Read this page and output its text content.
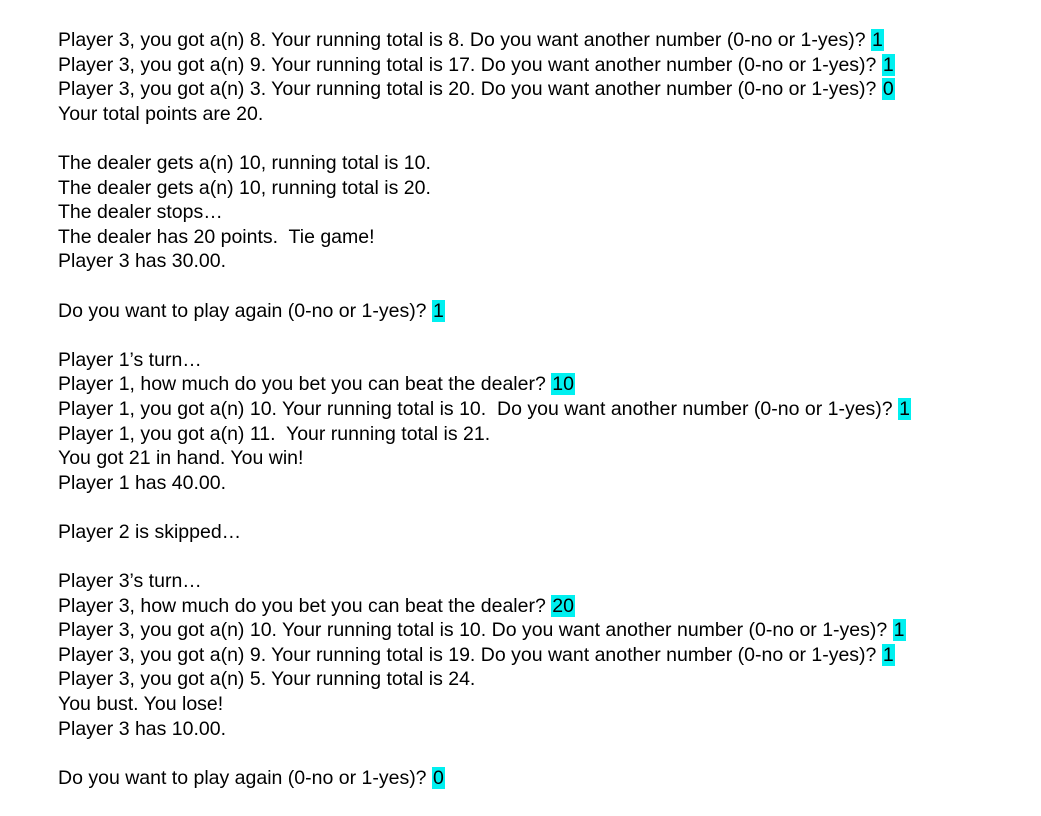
Player 3, you got a(n) 8. Your running total is 8. Do you want another number (0-no or 1-yes)? 1
Player 3, you got a(n) 9. Your running total is 17. Do you want another number (0-no or 1-yes)? 1
Player 3, you got a(n) 3. Your running total is 20. Do you want another number (0-no or 1-yes)? 0
Your total points are 20.
The dealer gets a(n) 10, running total is 10.
The dealer gets a(n) 10, running total is 20.
The dealer stops…
The dealer has 20 points.  Tie game!
Player 3 has 30.00.
Do you want to play again (0-no or 1-yes)? 1
Player 1’s turn…
Player 1, how much do you bet you can beat the dealer? 10
Player 1, you got a(n) 10. Your running total is 10.  Do you want another number (0-no or 1-yes)? 1
Player 1, you got a(n) 11.  Your running total is 21.
You got 21 in hand. You win!
Player 1 has 40.00.
Player 2 is skipped…
Player 3’s turn…
Player 3, how much do you bet you can beat the dealer? 20
Player 3, you got a(n) 10. Your running total is 10. Do you want another number (0-no or 1-yes)? 1
Player 3, you got a(n) 9. Your running total is 19. Do you want another number (0-no or 1-yes)? 1
Player 3, you got a(n) 5. Your running total is 24.
You bust. You lose!
Player 3 has 10.00.
Do you want to play again (0-no or 1-yes)? 0
